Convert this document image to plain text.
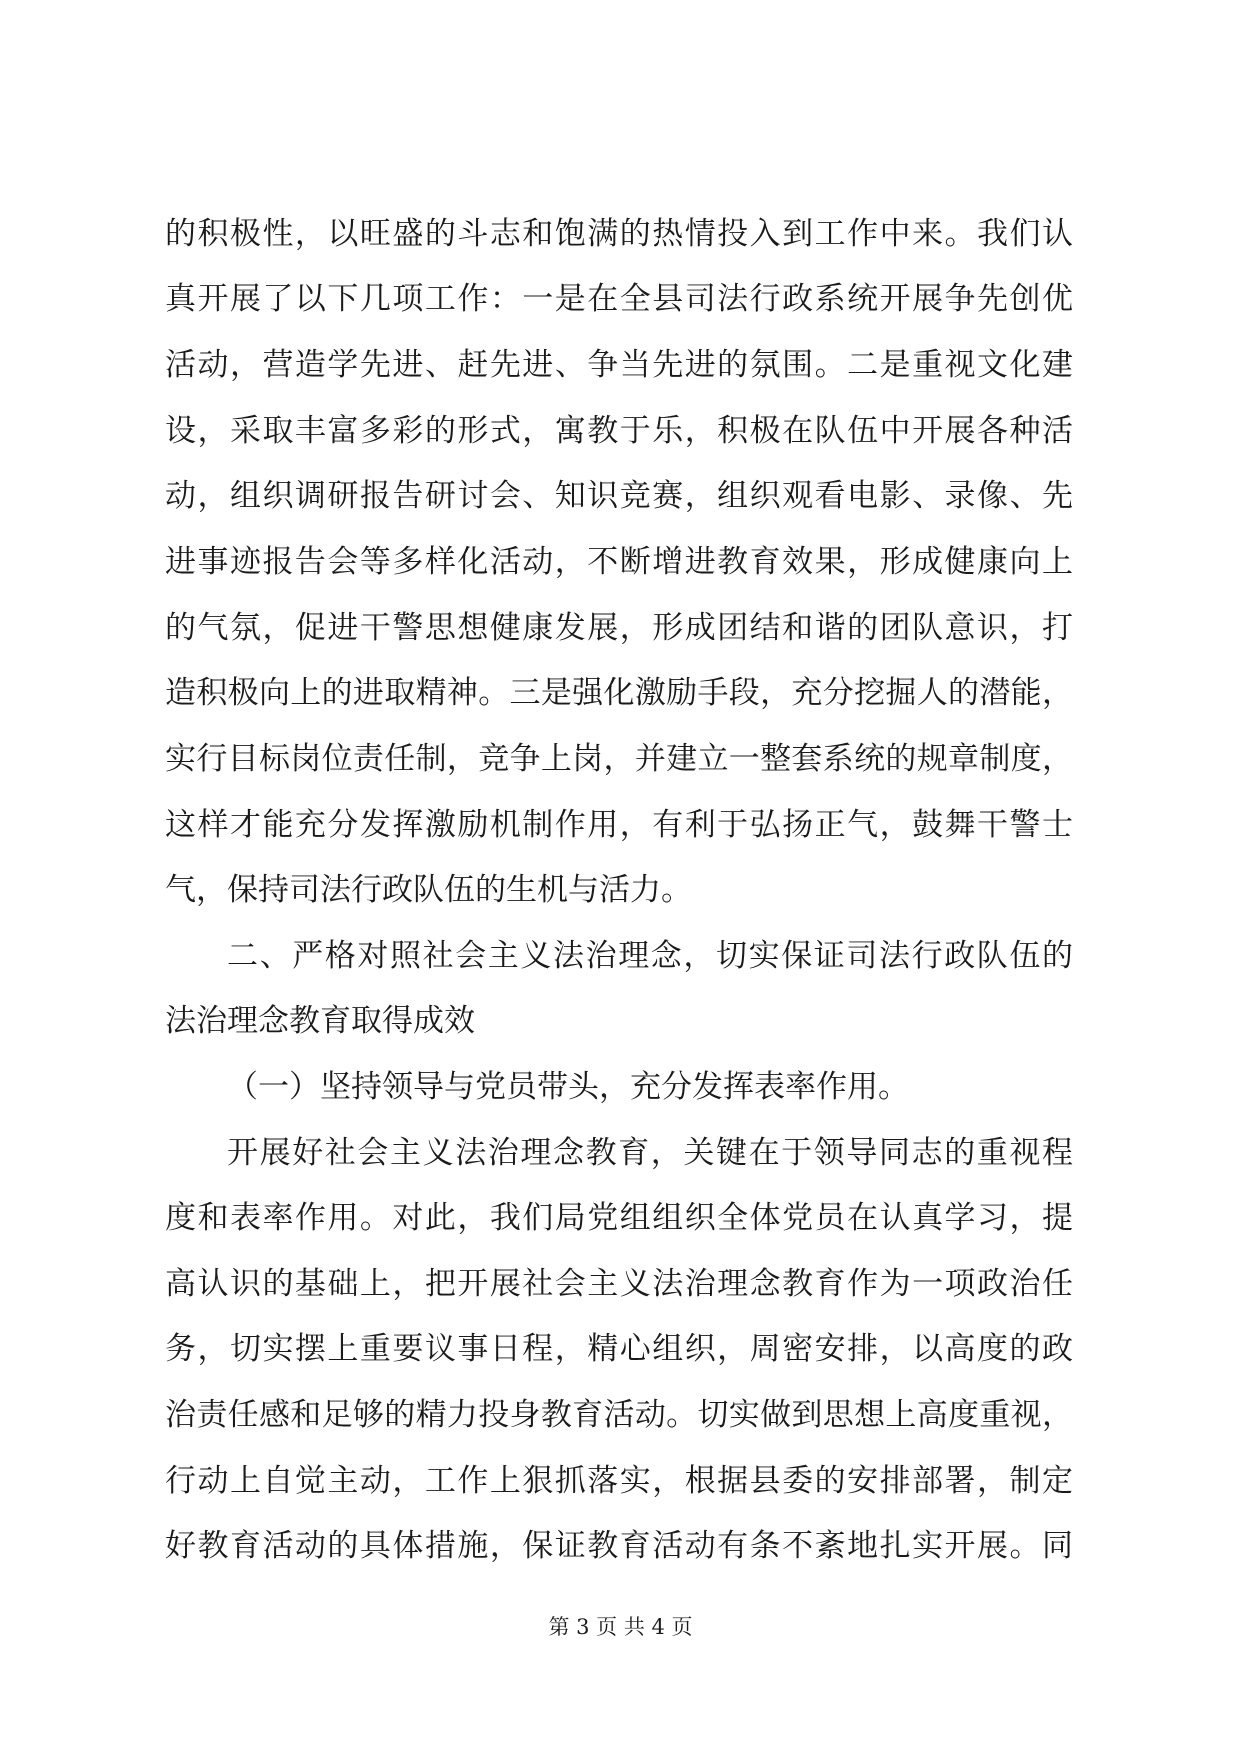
的积极性，以旺盛的斗志和饱满的热情投入到工作中来。我们认
真开展了以下几项工作：一是在全县司法行政系统开展争先创优
活动，营造学先进、赶先进、争当先进的氛围。二是重视文化建
设，采取丰富多彩的形式，寓教于乐，积极在队伍中开展各种活
动，组织调研报告研讨会、知识竞赛，组织观看电影、录像、先
进事迹报告会等多样化活动，不断增进教育效果，形成健康向上
的气氛，促进干警思想健康发展，形成团结和谐的团队意识，打
造积极向上的进取精神。三是强化激励手段，充分挖掘人的潜能，
实行目标岗位责任制，竞争上岗，并建立一整套系统的规章制度，
这样才能充分发挥激励机制作用，有利于弘扬正气，鼓舞干警士
气，保持司法行政队伍的生机与活力。
二、严格对照社会主义法治理念，切实保证司法行政队伍的
法治理念教育取得成效
（一）坚持领导与党员带头，充分发挥表率作用。
开展好社会主义法治理念教育，关键在于领导同志的重视程
度和表率作用。对此，我们局党组组织全体党员在认真学习，提
高认识的基础上，把开展社会主义法治理念教育作为一项政治任
务，切实摆上重要议事日程，精心组织，周密安排，以高度的政
治责任感和足够的精力投身教育活动。切实做到思想上高度重视，
行动上自觉主动，工作上狠抓落实，根据县委的安排部署，制定
好教育活动的具体措施，保证教育活动有条不紊地扎实开展。同
第 3 页 共 4 页
